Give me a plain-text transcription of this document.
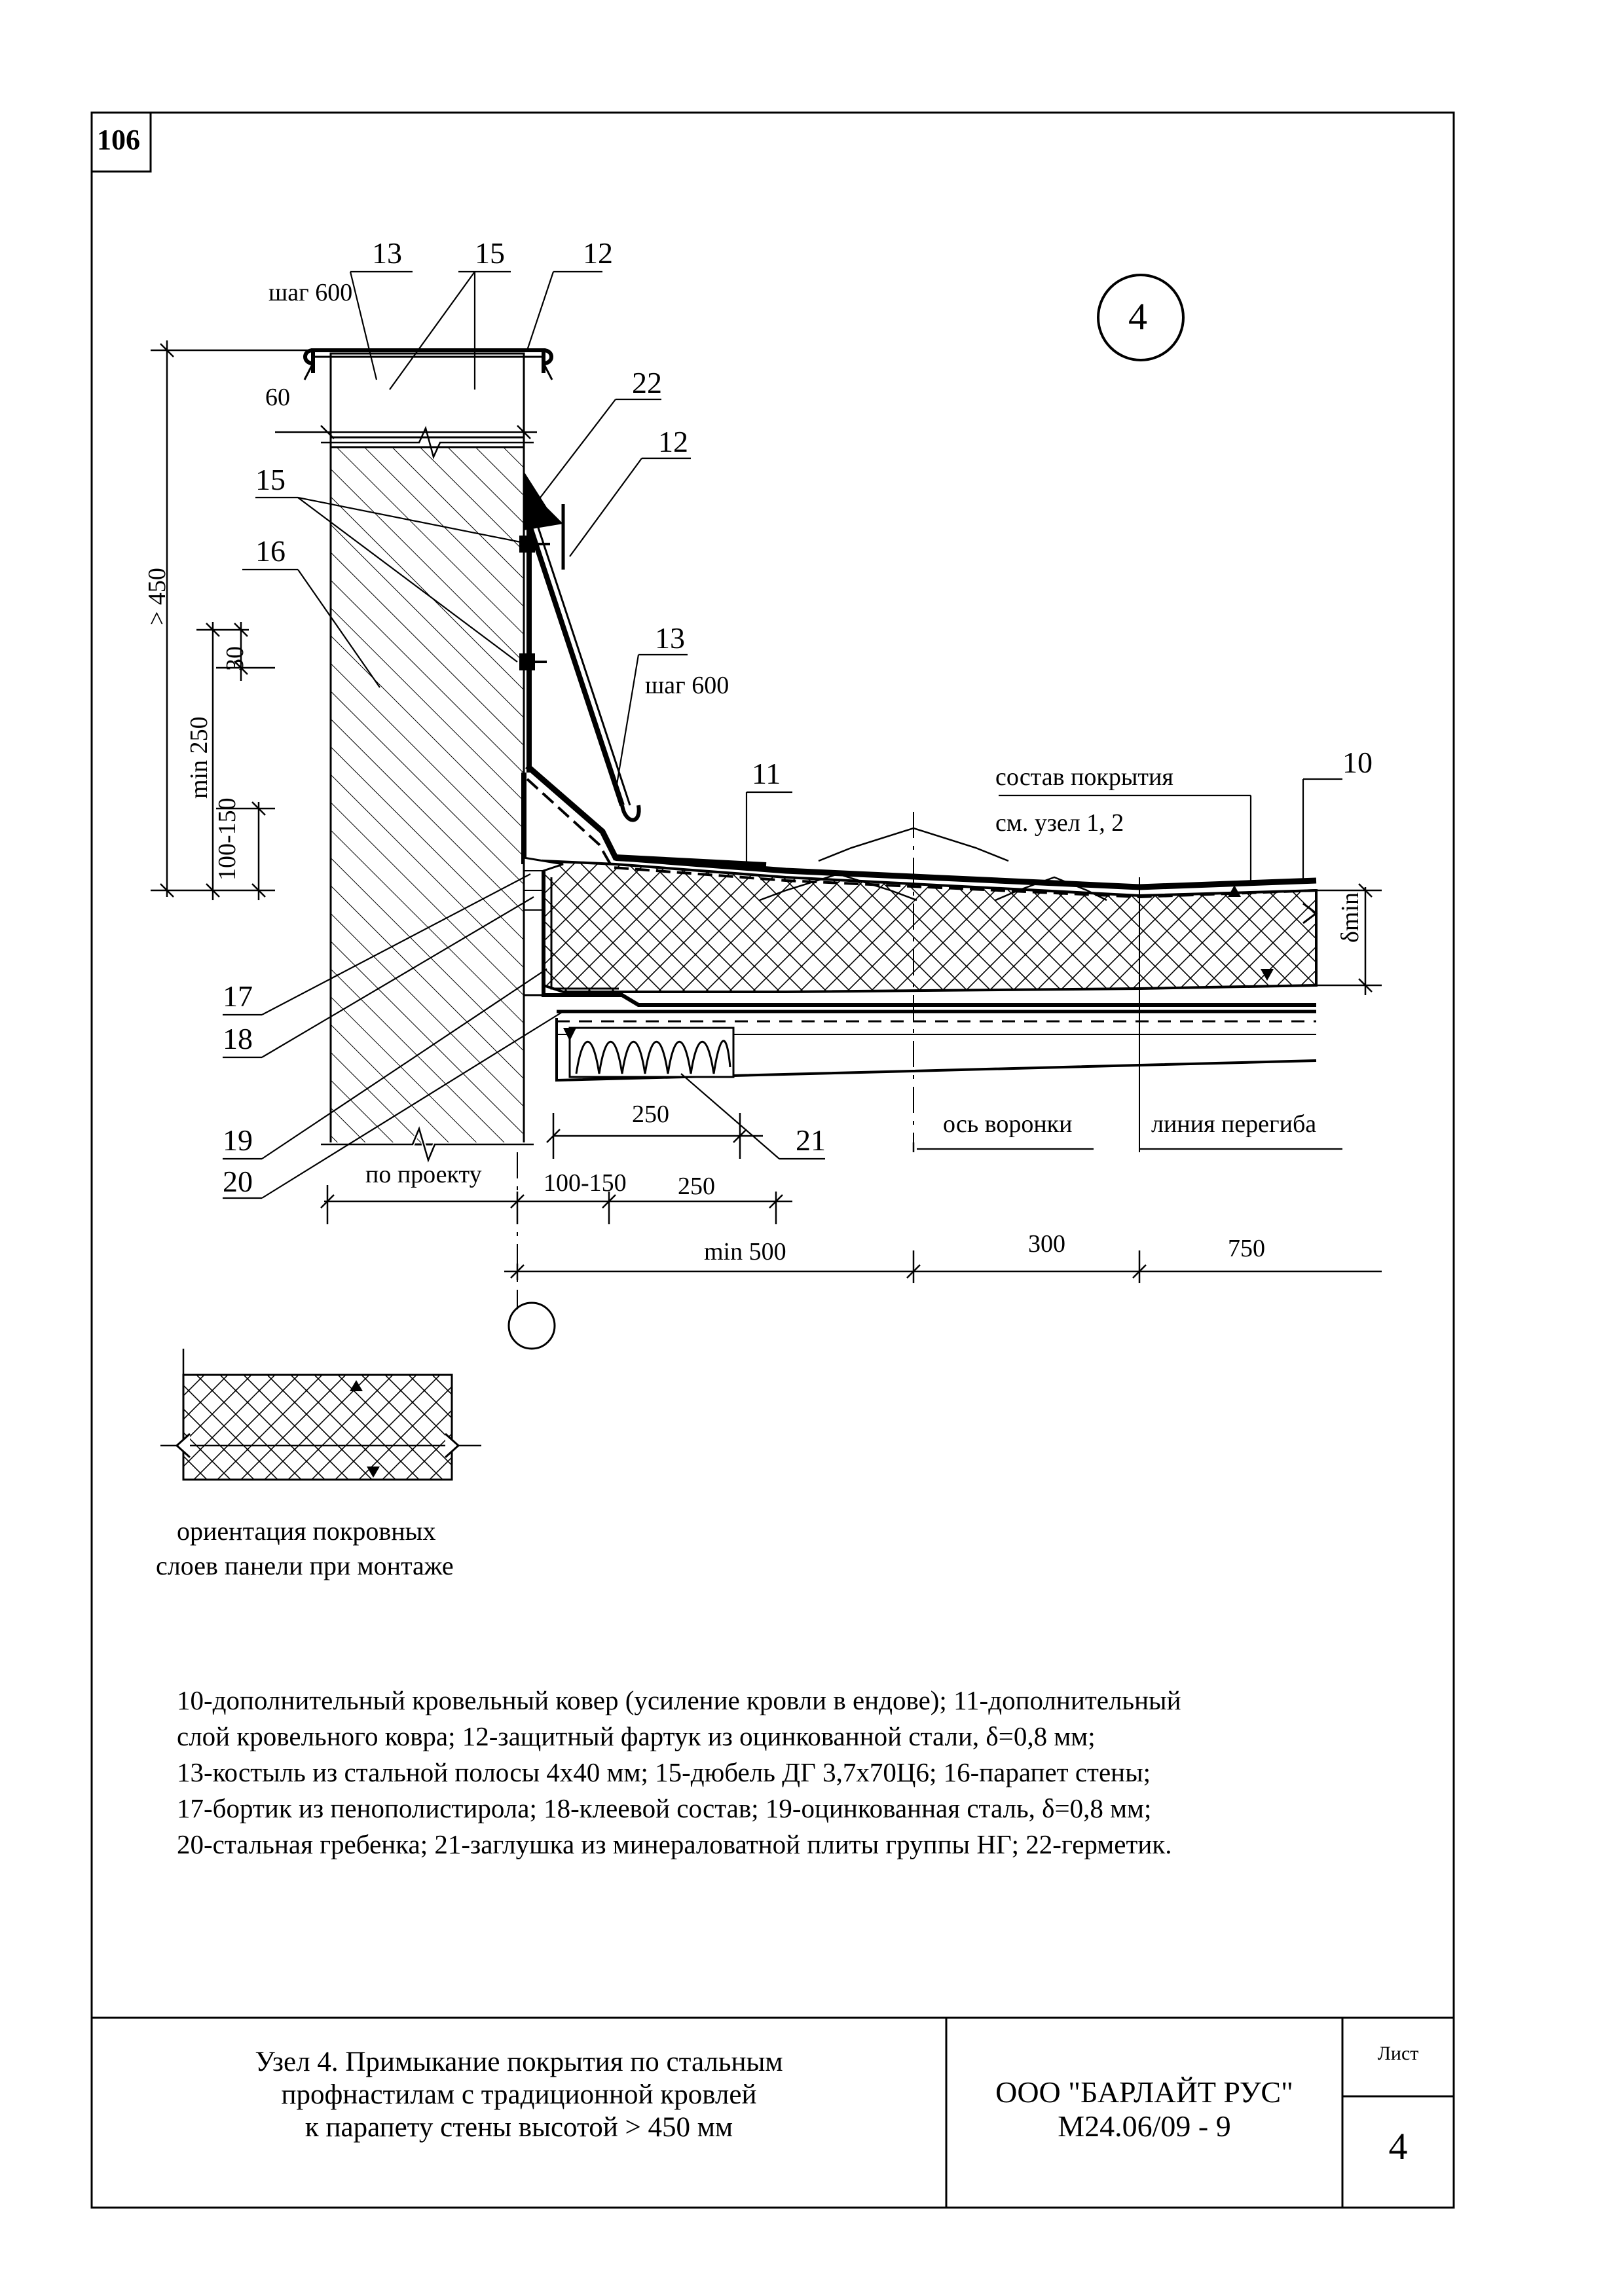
106
4
13 15	12
22
12
15
16
13
11	10
17
18
19
20
21
шаг 600
шаг 600
состав покрытия
см. узел 1, 2
ось воронки	линия перегиба
по проекту
δmin
60
> 450
30
min 250
100-150
250
100-150 250
min 500	300	750
ориентация покровных
слоев панели при монтаже
10-дополнительный кровельный ковер (усиление кровли в ендове); 11-дополнительный
слой кровельного ковра; 12-защитный фартук из оцинкованной стали, δ=0,8 мм;
13-костыль из стальной полосы 4х40 мм; 15-дюбель ДГ 3,7х70Ц6; 16-парапет стены;
17-бортик из пенополистирола; 18-клеевой состав; 19-оцинкованная сталь, δ=0,8 мм;
20-стальная гребенка; 21-заглушка из минераловатной плиты группы НГ; 22-герметик.
Узел 4. Примыкание покрытия по стальным
профнастилам с традиционной кровлей
к парапету стены высотой > 450 мм
ООО "БАРЛАЙТ РУС"
М24.06/09 - 9
Лист
4
